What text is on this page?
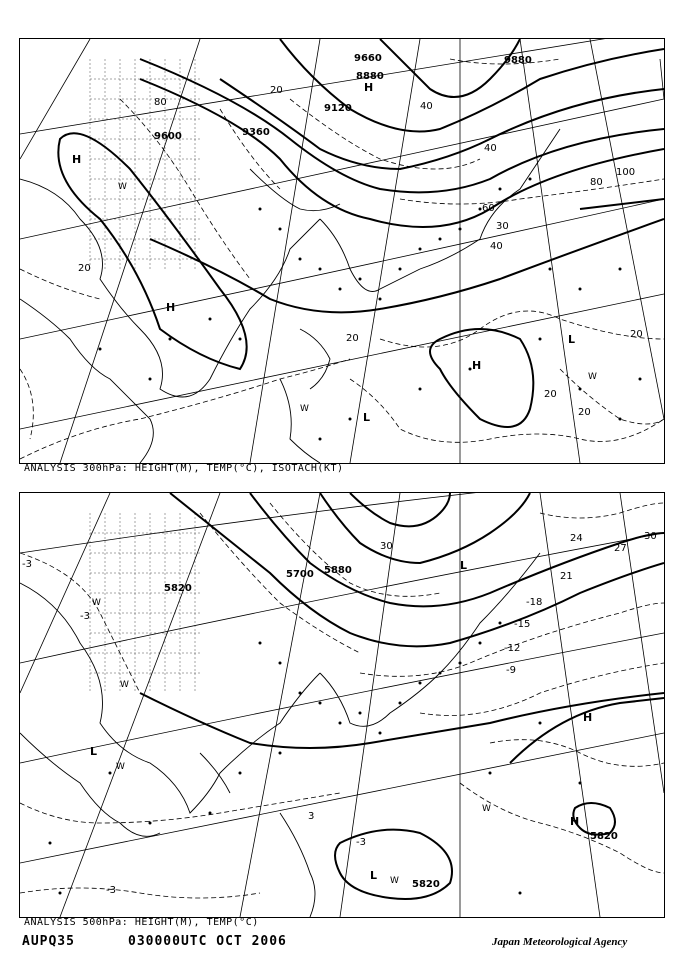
H
H
H
H
L
L
W
W
W
80
20
20
20
20
20
20
40
40
60
80
100
30
40
9360
9600
9120
9660	9880
8880
ANALYSIS 300hPa: HEIGHT(M), TEMP(°C), ISOTACH(KT)
H
H
L
L
L
W
W
W
W
W
5820
5700 5880
5820
5820
-3
-3
-3
30
24
27
30
21
-18
-15
-12
-9
3
-3
ANALYSIS 500hPa: HEIGHT(M), TEMP(°C)
AUPQ35	030000UTC OCT 2006	Japan Meteorological Agency
